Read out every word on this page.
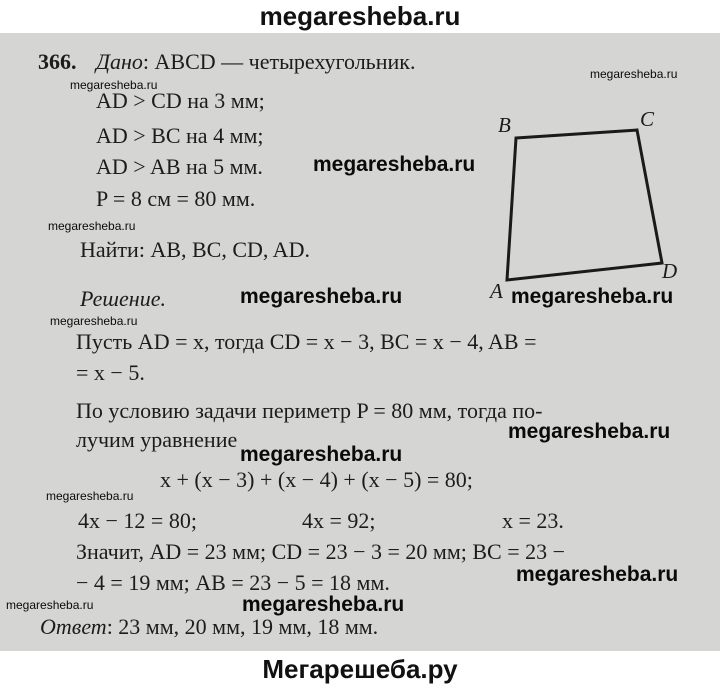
megaresheba.ru
366. Дано: ABCD — четырехугольник.
AD > CD на 3 мм;
AD > BC на 4 мм;
AD > AB на 5 мм.
P = 8 см = 80 мм.
Найти: AB, BC, CD, AD.
Решение.
Пусть AD = x, тогда CD = x − 3, BC = x − 4, AB =
= x − 5.
По условию задачи периметр P = 80 мм, тогда по-
лучим уравнение
x + (x − 3) + (x − 4) + (x − 5) = 80;
4x − 12 = 80;	4x = 92;	x = 23.
Значит, AD = 23 мм; CD = 23 − 3 = 20 мм; BC = 23 −
− 4 = 19 мм; AB = 23 − 5 = 18 мм.
Ответ: 23 мм, 20 мм, 19 мм, 18 мм.
B	C
D
A
megaresheba.ru
megaresheba.ru	megaresheba.ru
megaresheba.ru
megaresheba.ru
megaresheba.ru
megaresheba.ru
megaresheba.ru
megaresheba.ru
megaresheba.ru
megaresheba.ru
megaresheba.ru
megaresheba.ru
Мегарешеба.ру
